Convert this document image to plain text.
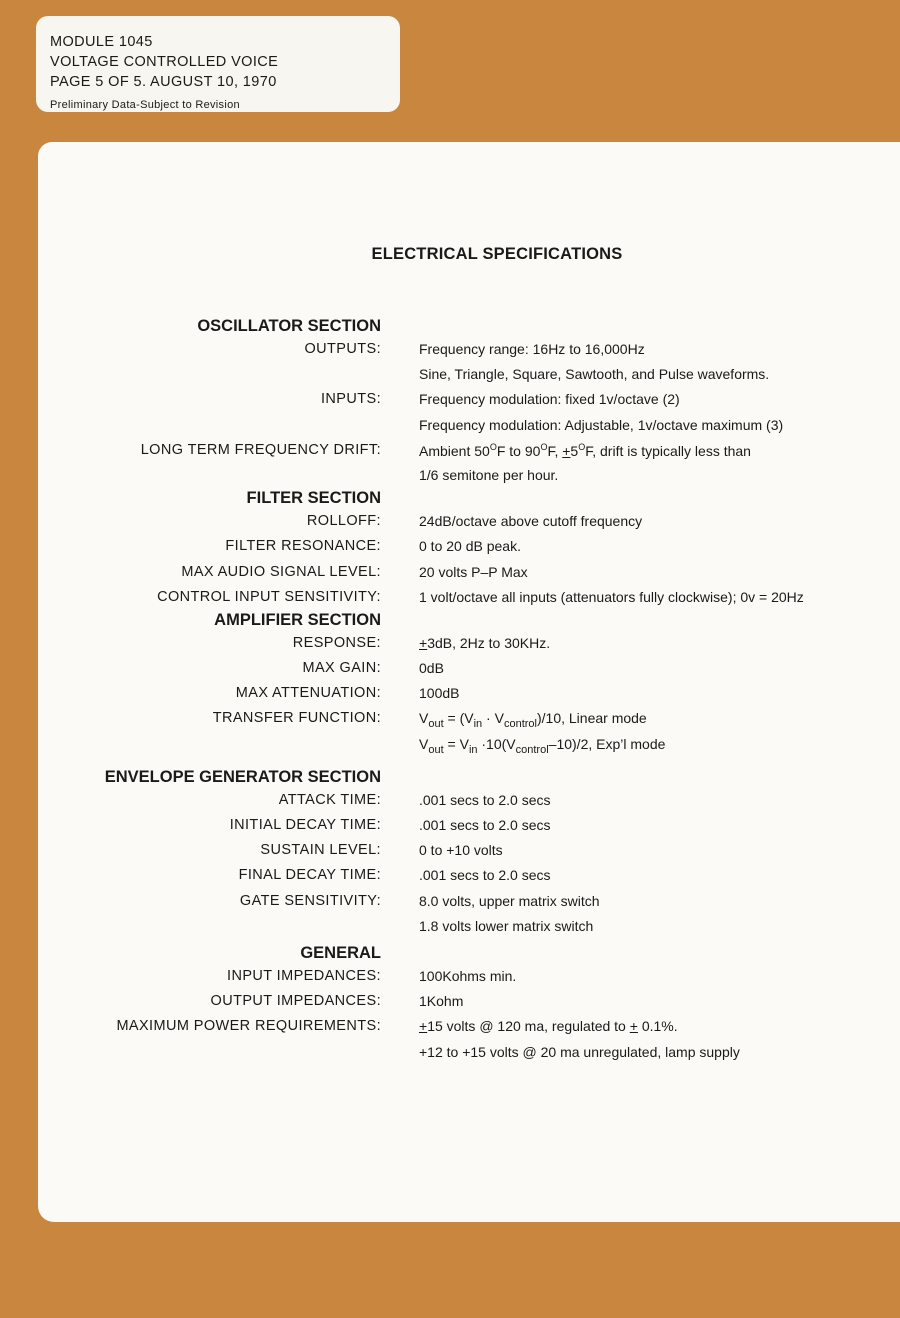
MODULE 1045
VOLTAGE CONTROLLED VOICE
PAGE 5 OF 5. AUGUST 10, 1970
Preliminary Data-Subject to Revision
ELECTRICAL SPECIFICATIONS
OSCILLATOR SECTION
OUTPUTS:	Frequency range: 16Hz to 16,000Hz
Sine, Triangle, Square, Sawtooth, and Pulse waveforms.
INPUTS:	Frequency modulation: fixed 1v/octave (2)
Frequency modulation: Adjustable, 1v/octave maximum (3)
LONG TERM FREQUENCY DRIFT:	Ambient $50^OF$ to $90^OF$, $+5^OF$, drift is typically less than
1/6 semitone per hour.
FILTER SECTION
ROLLOFF:	24dB/octave above cutoff frequency
FILTER RESONANCE:	0 to 20 dB peak.
MAX AUDIO SIGNAL LEVEL:	20 volts P–P Max
CONTROL INPUT SENSITIVITY:	1 volt/octave all inputs (attenuators fully clockwise); 0v = 20Hz
AMPLIFIER SECTION
RESPONSE:	+3dB, 2Hz to 30KHz.
MAX GAIN:	0dB
MAX ATTENUATION:	100dB
TRANSFER FUNCTION:	$V_{out} = (V_{in} \cdot V_{control})/10$, Linear mode
$V_{out} = V_{in} \cdot 10(V_{control}-10)/2$, Exp’l mode
ENVELOPE GENERATOR SECTION
ATTACK TIME:	.001 secs to 2.0 secs
INITIAL DECAY TIME:	.001 secs to 2.0 secs
SUSTAIN LEVEL:	0 to +10 volts
FINAL DECAY TIME:	.001 secs to 2.0 secs
GATE SENSITIVITY:	8.0 volts, upper matrix switch
1.8 volts lower matrix switch
GENERAL
INPUT IMPEDANCES:	100Kohms min.
OUTPUT IMPEDANCES:	1Kohm
MAXIMUM POWER REQUIREMENTS:	+15 volts @ 120 ma, regulated to + 0.1%.
+12 to +15 volts @ 20 ma unregulated, lamp supply
